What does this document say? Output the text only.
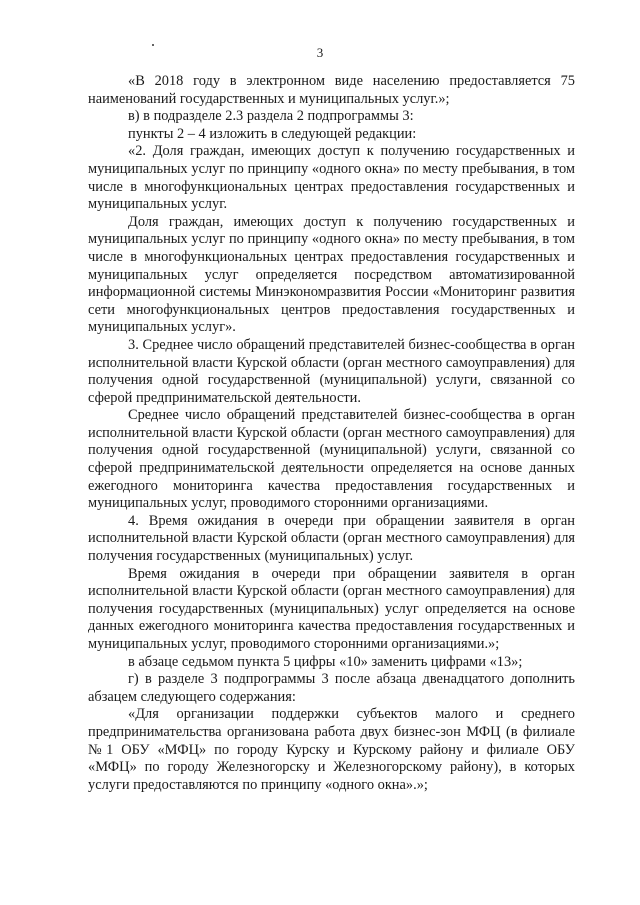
3

«В 2018 году в электронном виде населению предоставляется 75 наименований государственных и муниципальных услуг.»;

в) в подразделе 2.3 раздела 2 подпрограммы 3:

пункты 2 – 4 изложить в следующей редакции:

«2. Доля граждан, имеющих доступ к получению государственных и муниципальных услуг по принципу «одного окна» по месту пребывания, в том числе в многофункциональных центрах предоставления государственных и муниципальных услуг.

Доля граждан, имеющих доступ к получению государственных и муниципальных услуг по принципу «одного окна» по месту пребывания, в том числе в многофункциональных центрах предоставления государственных и муниципальных услуг определяется посредством автоматизированной информационной системы Минэкономразвития России «Мониторинг развития сети многофункциональных центров предоставления государственных и муниципальных услуг».

3. Среднее число обращений представителей бизнес-сообщества в орган исполнительной власти Курской области (орган местного самоуправления) для получения одной государственной (муниципальной) услуги, связанной со сферой предпринимательской деятельности.

Среднее число обращений представителей бизнес-сообщества в орган исполнительной власти Курской области (орган местного самоуправления) для получения одной государственной (муниципальной) услуги, связанной со сферой предпринимательской деятельности определяется на основе данных ежегодного мониторинга качества предоставления государственных и муниципальных услуг, проводимого сторонними организациями.

4. Время ожидания в очереди при обращении заявителя в орган исполнительной власти Курской области (орган местного самоуправления) для получения государственных (муниципальных) услуг.

Время ожидания в очереди при обращении заявителя в орган исполнительной власти Курской области (орган местного самоуправления) для получения государственных (муниципальных) услуг определяется на основе данных ежегодного мониторинга качества предоставления государственных и муниципальных услуг, проводимого сторонними организациями.»;

в абзаце седьмом пункта 5 цифры «10» заменить цифрами «13»;

г) в разделе 3 подпрограммы 3 после абзаца двенадцатого дополнить абзацем следующего содержания:

«Для организации поддержки субъектов малого и среднего предпринимательства организована работа двух бизнес-зон МФЦ (в филиале №1 ОБУ «МФЦ» по городу Курску и Курскому району и филиале ОБУ «МФЦ» по городу Железногорску и Железногорскому району), в которых услуги предоставляются по принципу «одного окна».»;
